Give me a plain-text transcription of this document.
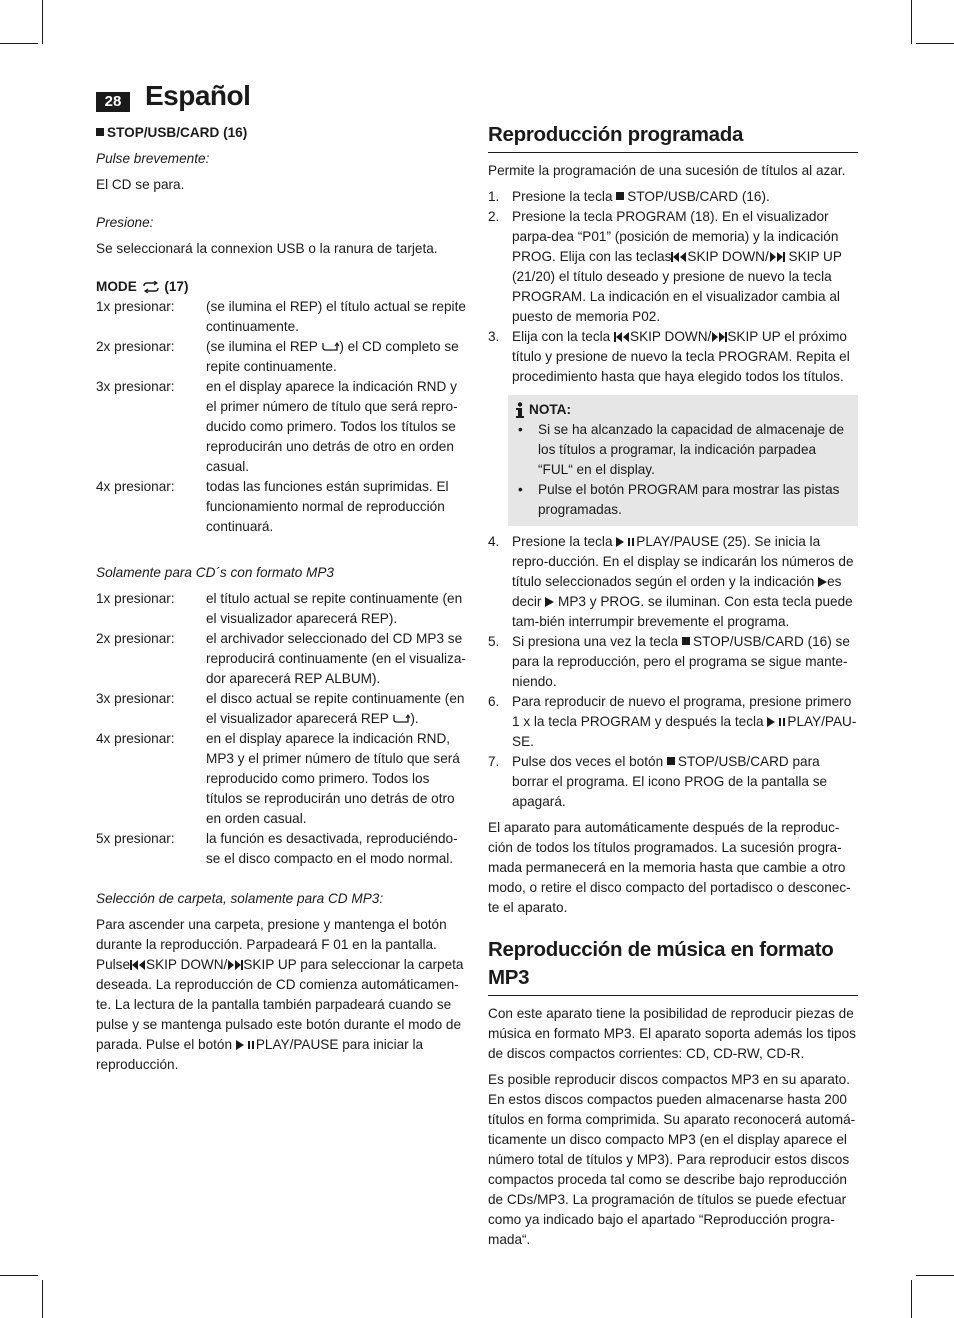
28 Español

STOP/USB/CARD (16)

Pulse brevemente:

El CD se para.

Presione:

Se seleccionará la connexion USB o la ranura de tarjeta.

MODE (17)

1x presionar:	(se ilumina el REP) el título actual se repite continuamente.
2x presionar:	(se ilumina el REP ) el CD completo se repite continuamente.
3x presionar:	en el display aparece la indicación RND y el primer número de título que será repro-ducido como primero. Todos los títulos se reproducirán uno detrás de otro en orden casual.
4x presionar:	todas las funciones están suprimidas. El funcionamiento normal de reproducción continuará.

Solamente para CD´s con formato MP3

1x presionar:	el título actual se repite continuamente (en el visualizador aparecerá REP).
2x presionar:	el archivador seleccionado del CD MP3 se reproducirá continuamente (en el visualiza-dor aparecerá REP ALBUM).
3x presionar:	el disco actual se repite continuamente (en el visualizador aparecerá REP ).
4x presionar:	en el display aparece la indicación RND, MP3 y el primer número de título que será reproducido como primero. Todos los títulos se reproducirán uno detrás de otro en orden casual.
5x presionar:	la función es desactivada, reproduciéndo-se el disco compacto en el modo normal.

Selección de carpeta, solamente para CD MP3:

Para ascender una carpeta, presione y mantenga el botón durante la reproducción. Parpadeará F 01 en la pantalla. Pulse SKIP DOWN/ SKIP UP para seleccionar la carpeta deseada. La reproducción de CD comienza automáticamen-te. La lectura de la pantalla también parpadeará cuando se pulse y se mantenga pulsado este botón durante el modo de parada. Pulse el botón PLAY/PAUSE para iniciar la reproducción.

Reproducción programada

Permite la programación de una sucesión de títulos al azar.

1. Presione la tecla STOP/USB/CARD (16).
2. Presione la tecla PROGRAM (18). En el visualizador parpa-dea “P01” (posición de memoria) y la indicación PROG. Elija con las teclas SKIP DOWN/ SKIP UP (21/20) el título deseado y presione de nuevo la tecla PROGRAM. La indicación en el visualizador cambia al puesto de memoria P02.
3. Elija con la tecla SKIP DOWN/ SKIP UP el próximo título y presione de nuevo la tecla PROGRAM. Repita el procedimiento hasta que haya elegido todos los títulos.
NOTA:
•	Si se ha alcanzado la capacidad de almacenaje de los títulos a programar, la indicación parpadea “FUL“ en el display.
•	Pulse el botón PROGRAM para mostrar las pistas programadas.
4. Presione la tecla PLAY/PAUSE (25). Se inicia la repro-ducción. En el display se indicarán los números de título seleccionados según el orden y la indicación es decir MP3 y PROG. se iluminan. Con esta tecla puede tam-bién interrumpir brevemente el programa.
5. Si presiona una vez la tecla STOP/USB/CARD (16) se para la reproducción, pero el programa se sigue mante-niendo.
6. Para reproducir de nuevo el programa, presione primero 1 x la tecla PROGRAM y después la tecla PLAY/PAU-SE.
7. Pulse dos veces el botón STOP/USB/CARD para borrar el programa. El icono PROG de la pantalla se apagará.

El aparato para automáticamente después de la reproduc-ción de todos los títulos programados. La sucesión progra-mada permanecerá en la memoria hasta que cambie a otro modo, o retire el disco compacto del portadisco o desconec-te el aparato.

Reproducción de música en formato MP3

Con este aparato tiene la posibilidad de reproducir piezas de música en formato MP3. El aparato soporta además los tipos de discos compactos corrientes: CD, CD-RW, CD-R.

Es posible reproducir discos compactos MP3 en su aparato. En estos discos compactos pueden almacenarse hasta 200 títulos en forma comprimida. Su aparato reconocerá automá-ticamente un disco compacto MP3 (en el display aparece el número total de títulos y MP3). Para reproducir estos discos compactos proceda tal como se describe bajo reproducción de CDs/MP3. La programación de títulos se puede efectuar como ya indicado bajo el apartado “Reproducción progra-mada“.
